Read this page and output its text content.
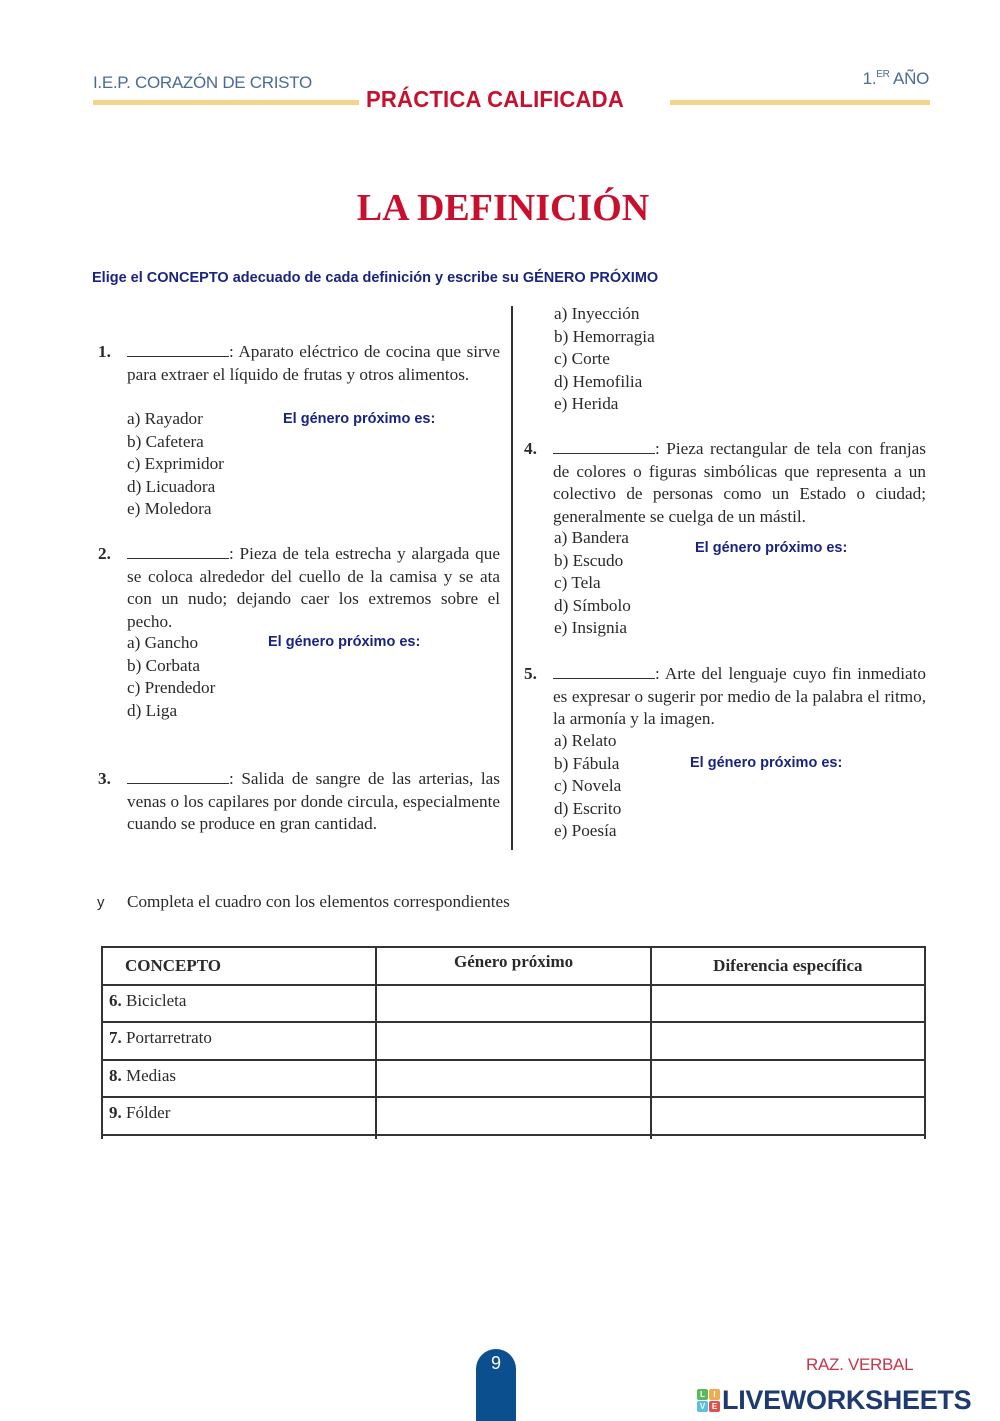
I.E.P. CORAZÓN DE CRISTO
PRÁCTICA CALIFICADA
1.$^{ER}$ AÑO
LA DEFINICIÓN
Elige el CONCEPTO adecuado de cada definición y escribe su GÉNERO PRÓXIMO
1.	: Aparato eléctrico de cocina que sirve para extraer el líquido de frutas y otros alimentos.
a) Rayador
b) Cafetera
c) Exprimidor
d) Licuadora
e) Moledora
El género próximo es:
2.	: Pieza de tela estrecha y alargada que se coloca alrededor del cuello de la camisa y se ata con un nudo; dejando caer los extremos sobre el pecho.
a) Gancho
b) Corbata
c) Prendedor
d) Liga
El género próximo es:
3.	: Salida de sangre de las arterias, las venas o los capilares por donde circula, especialmente cuando se produce en gran cantidad.
a) Inyección
b) Hemorragia
c) Corte
d) Hemofilia
e) Herida
4.	: Pieza rectangular de tela con franjas de colores o figuras simbólicas que representa a un colectivo de personas como un Estado o ciudad; generalmente se cuelga de un mástil.
a) Bandera
b) Escudo
c) Tela
d) Símbolo
e) Insignia
El género próximo es:
5.	: Arte del lenguaje cuyo fin inmediato es expresar o sugerir por medio de la palabra el ritmo, la armonía y la imagen.
a) Relato
b) Fábula
c) Novela
d) Escrito
e) Poesía
El género próximo es:
y Completa el cuadro con los elementos correspondientes
CONCEPTO	Género próximo	Diferencia específica
6. Bicicleta		
7. Portarretrato		
8. Medias		
9. Fólder		

9	RAZ. VERBAL
L	I
V E LIVEWORKSHEETS
